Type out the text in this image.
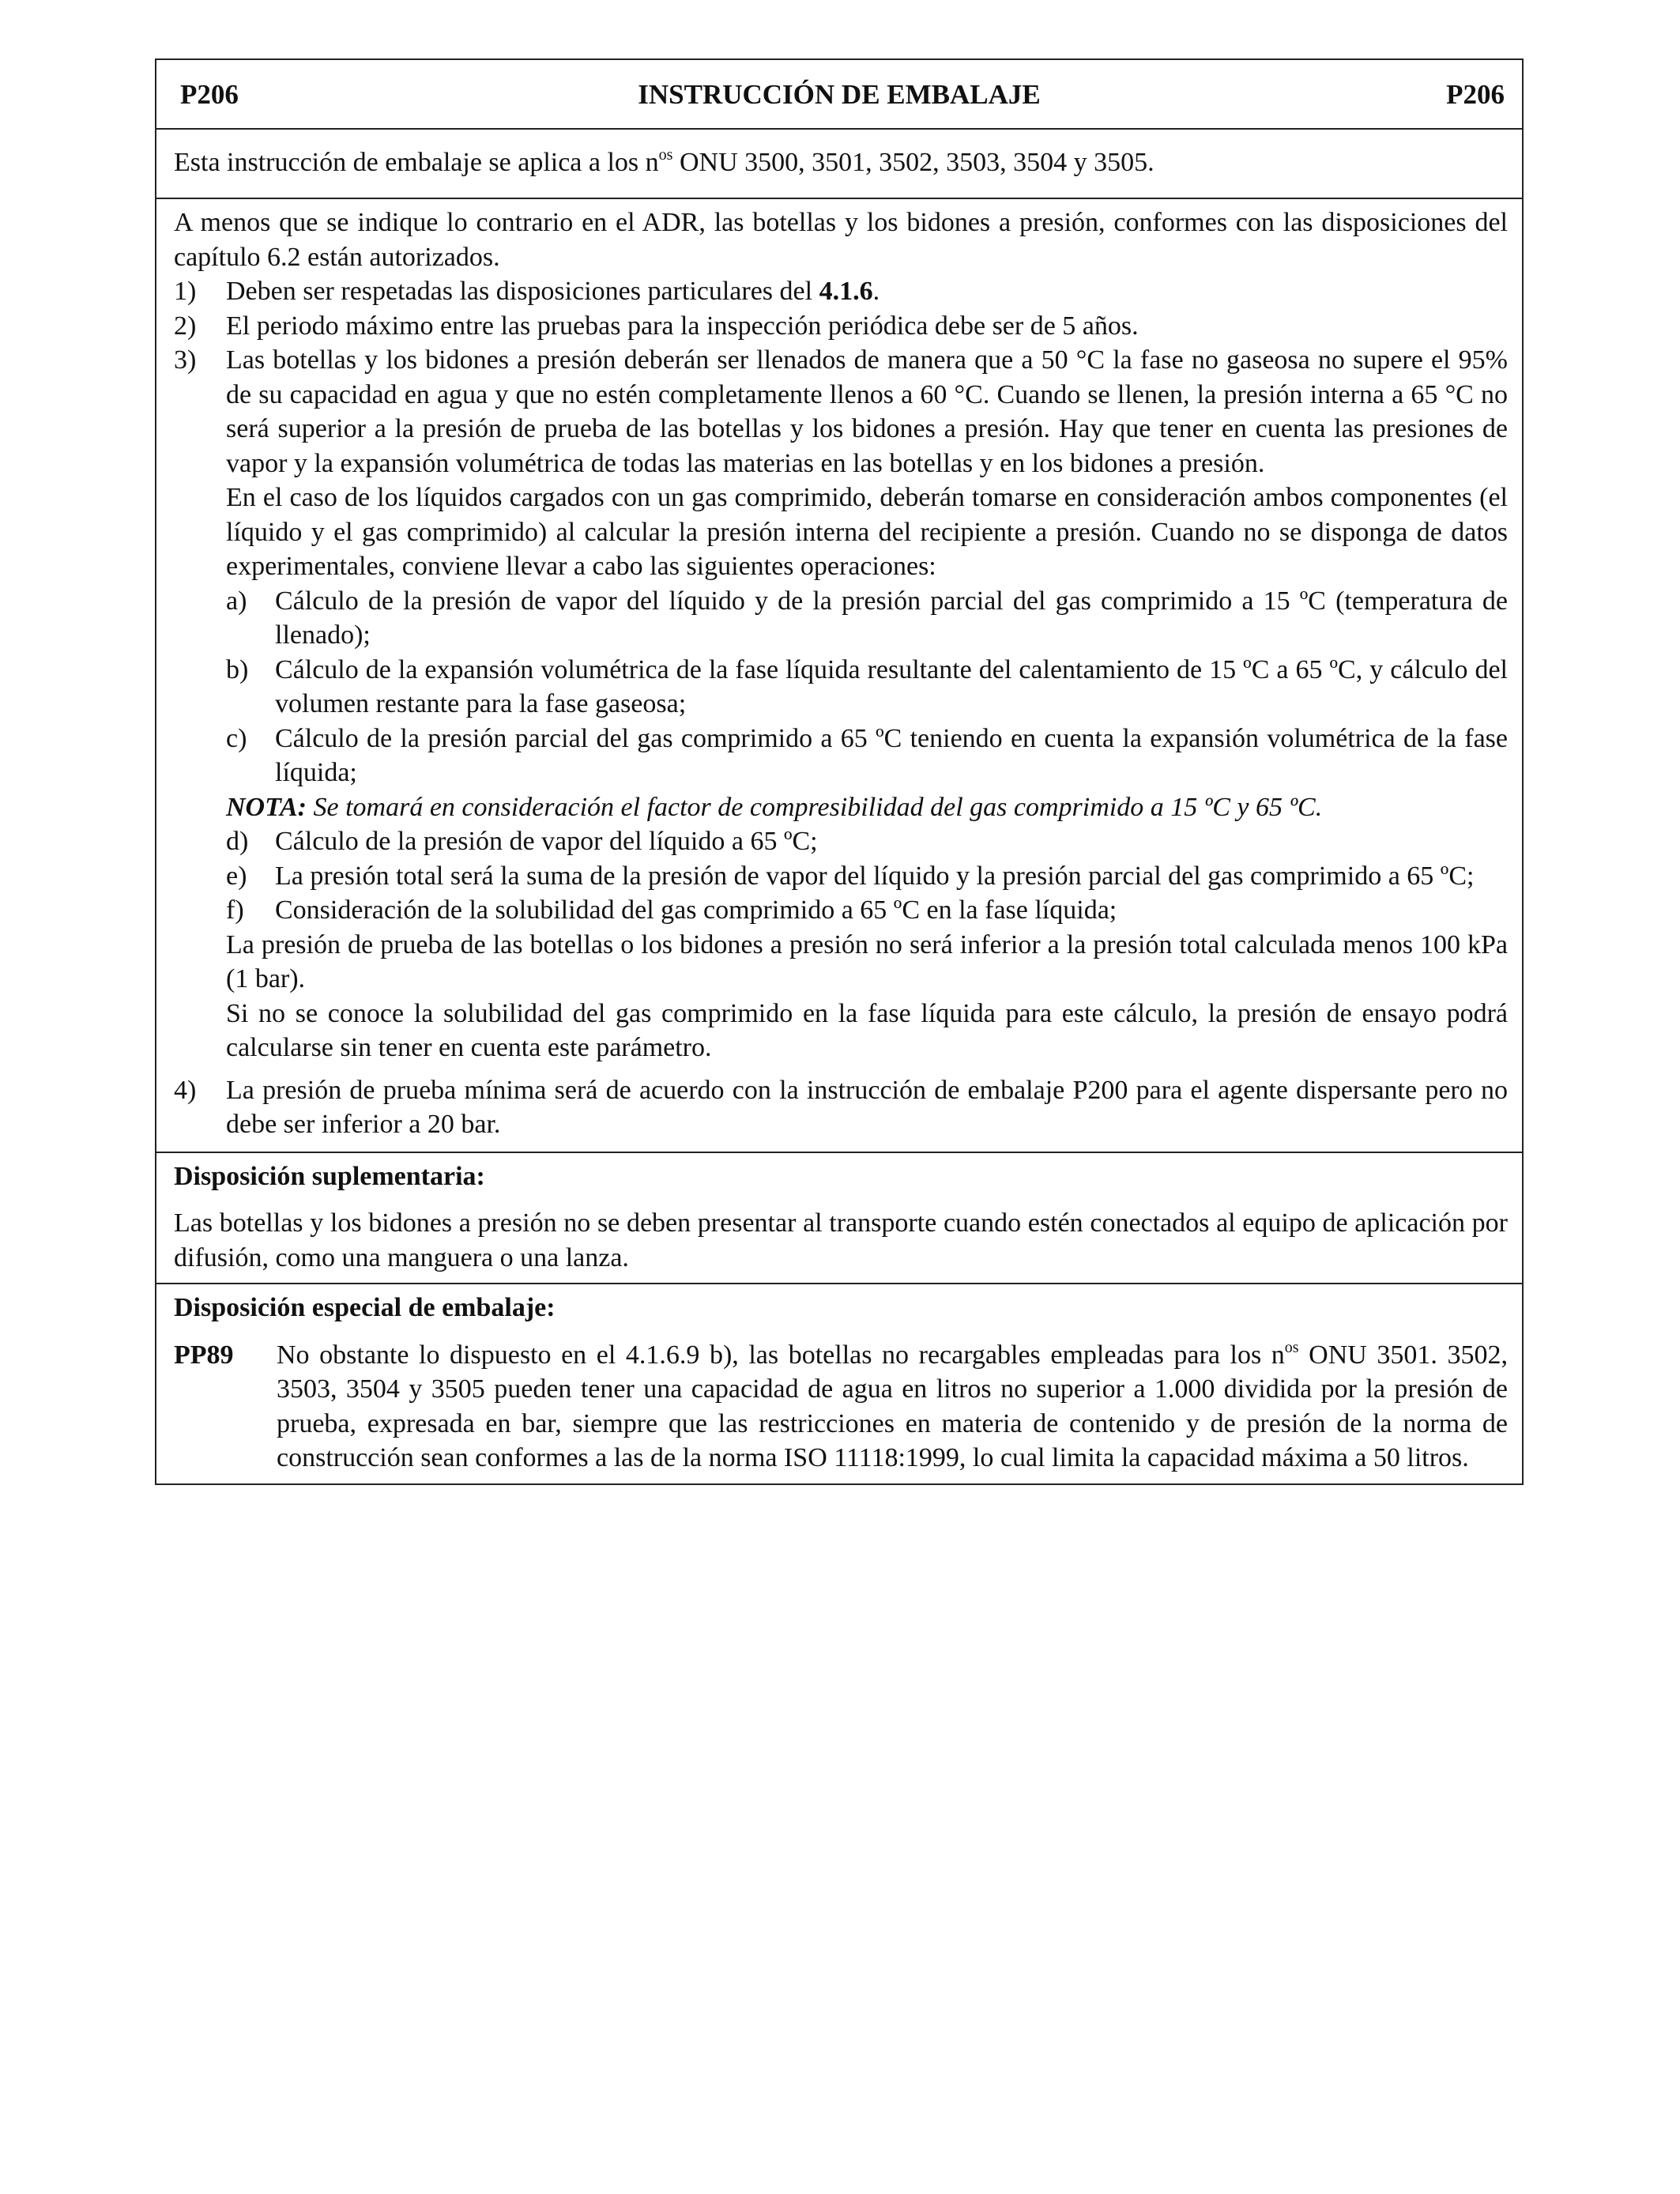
P206	INSTRUCCIÓN DE EMBALAJE	P206
Esta instrucción de embalaje se aplica a los $n^{os}$ ONU 3500, 3501, 3502, 3503, 3504 y 3505.
A menos que se indique lo contrario en el ADR, las botellas y los bidones a presión, conformes con las disposiciones del capítulo 6.2 están autorizados.
1) Deben ser respetadas las disposiciones particulares del 4.1.6.
2) El periodo máximo entre las pruebas para la inspección periódica debe ser de 5 años.
3) Las botellas y los bidones a presión deberán ser llenados de manera que a 50 °C la fase no gaseosa no supere el 95% de su capacidad en agua y que no estén completamente llenos a 60 °C. Cuando se llenen, la presión interna a 65 °C no será superior a la presión de prueba de las botellas y los bidones a presión. Hay que tener en cuenta las presiones de vapor y la expansión volumétrica de todas las materias en las botellas y en los bidones a presión.
En el caso de los líquidos cargados con un gas comprimido, deberán tomarse en consideración ambos componentes (el líquido y el gas comprimido) al calcular la presión interna del recipiente a presión. Cuando no se disponga de datos experimentales, conviene llevar a cabo las siguientes operaciones:
a) Cálculo de la presión de vapor del líquido y de la presión parcial del gas comprimido a 15 ºC (temperatura de llenado);
b) Cálculo de la expansión volumétrica de la fase líquida resultante del calentamiento de 15 ºC a 65 ºC, y cálculo del volumen restante para la fase gaseosa;
c) Cálculo de la presión parcial del gas comprimido a 65 ºC teniendo en cuenta la expansión volumétrica de la fase líquida;
NOTA: Se tomará en consideración el factor de compresibilidad del gas comprimido a 15 ºC y 65 ºC.
d) Cálculo de la presión de vapor del líquido a 65 ºC;
e) La presión total será la suma de la presión de vapor del líquido y la presión parcial del gas comprimido a 65 ºC;
f) Consideración de la solubilidad del gas comprimido a 65 ºC en la fase líquida;
La presión de prueba de las botellas o los bidones a presión no será inferior a la presión total calculada menos 100 kPa (1 bar).
Si no se conoce la solubilidad del gas comprimido en la fase líquida para este cálculo, la presión de ensayo podrá calcularse sin tener en cuenta este parámetro.
4) La presión de prueba mínima será de acuerdo con la instrucción de embalaje P200 para el agente dispersante pero no debe ser inferior a 20 bar.
Disposición suplementaria:
Las botellas y los bidones a presión no se deben presentar al transporte cuando estén conectados al equipo de aplicación por difusión, como una manguera o una lanza.
Disposición especial de embalaje:
PP89 No obstante lo dispuesto en el 4.1.6.9 b), las botellas no recargables empleadas para los $n^{os}$ ONU 3501. 3502, 3503, 3504 y 3505 pueden tener una capacidad de agua en litros no superior a 1.000 dividida por la presión de prueba, expresada en bar, siempre que las restricciones en materia de contenido y de presión de la norma de construcción sean conformes a las de la norma ISO 11118:1999, lo cual limita la capacidad máxima a 50 litros.
